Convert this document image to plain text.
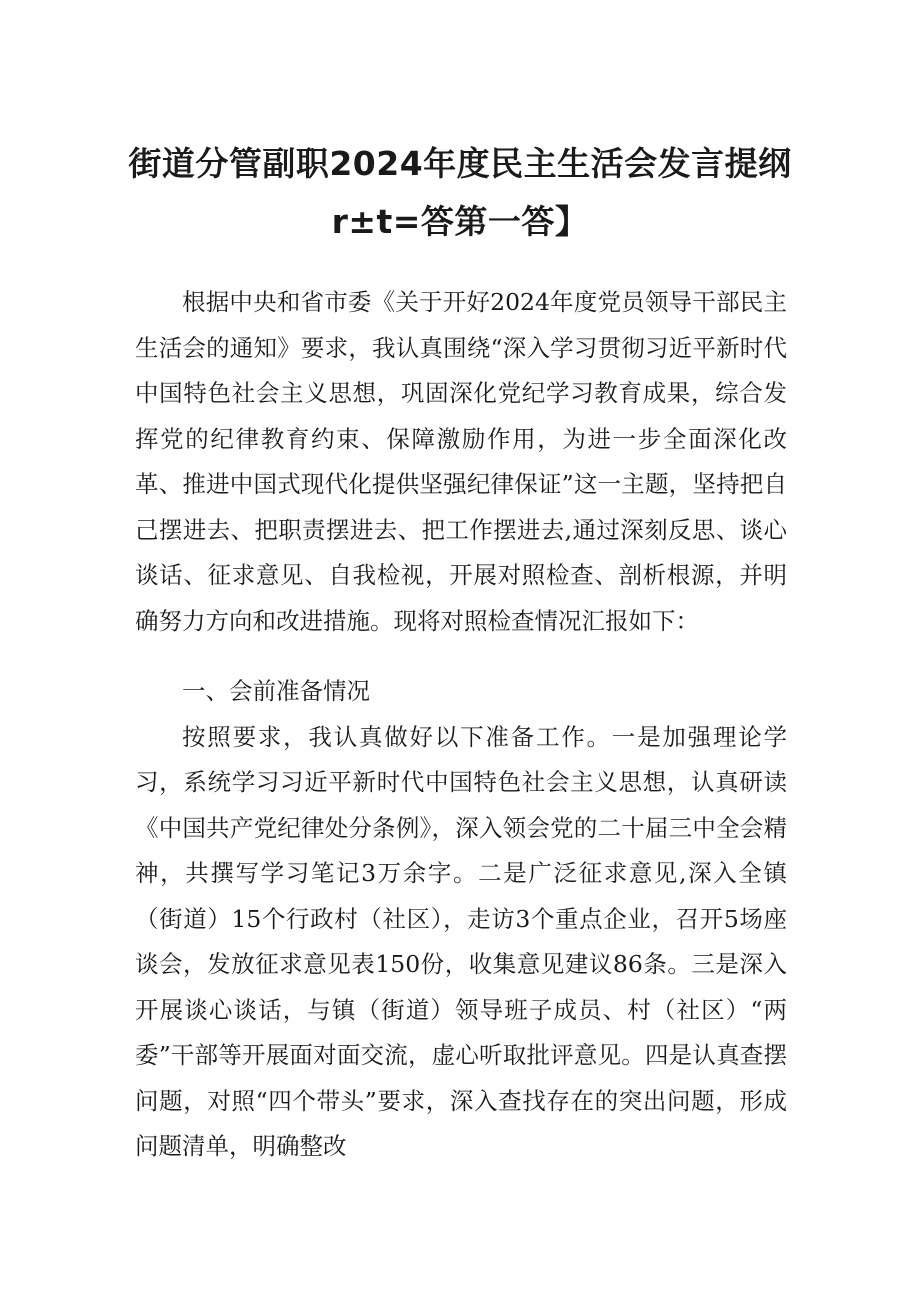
街道分管副职2024年度民主生活会发言提纲
r±t=答第一答】

根据中央和省市委《关于开好2024年度党员领导干部民主生活会的通知》要求，我认真围绕“深入学习贯彻习近平新时代中国特色社会主义思想，巩固深化党纪学习教育成果，综合发挥党的纪律教育约束、保障激励作用，为进一步全面深化改革、推进中国式现代化提供坚强纪律保证”这一主题，坚持把自己摆进去、把职责摆进去、把工作摆进去,通过深刻反思、谈心谈话、征求意见、自我检视，开展对照检查、剖析根源，并明确努力方向和改进措施。现将对照检查情况汇报如下：

一、会前准备情况

按照要求，我认真做好以下准备工作。一是加强理论学习，系统学习习近平新时代中国特色社会主义思想，认真研读《中国共产党纪律处分条例》，深入领会党的二十届三中全会精神，共撰写学习笔记3万余字。二是广泛征求意见,深入全镇（街道）15个行政村（社区），走访3个重点企业，召开5场座谈会，发放征求意见表150份，收集意见建议86条。三是深入开展谈心谈话，与镇（街道）领导班子成员、村（社区）“两委”干部等开展面对面交流，虚心听取批评意见。四是认真查摆问题，对照“四个带头”要求，深入查找存在的突出问题，形成问题清单，明确整改
